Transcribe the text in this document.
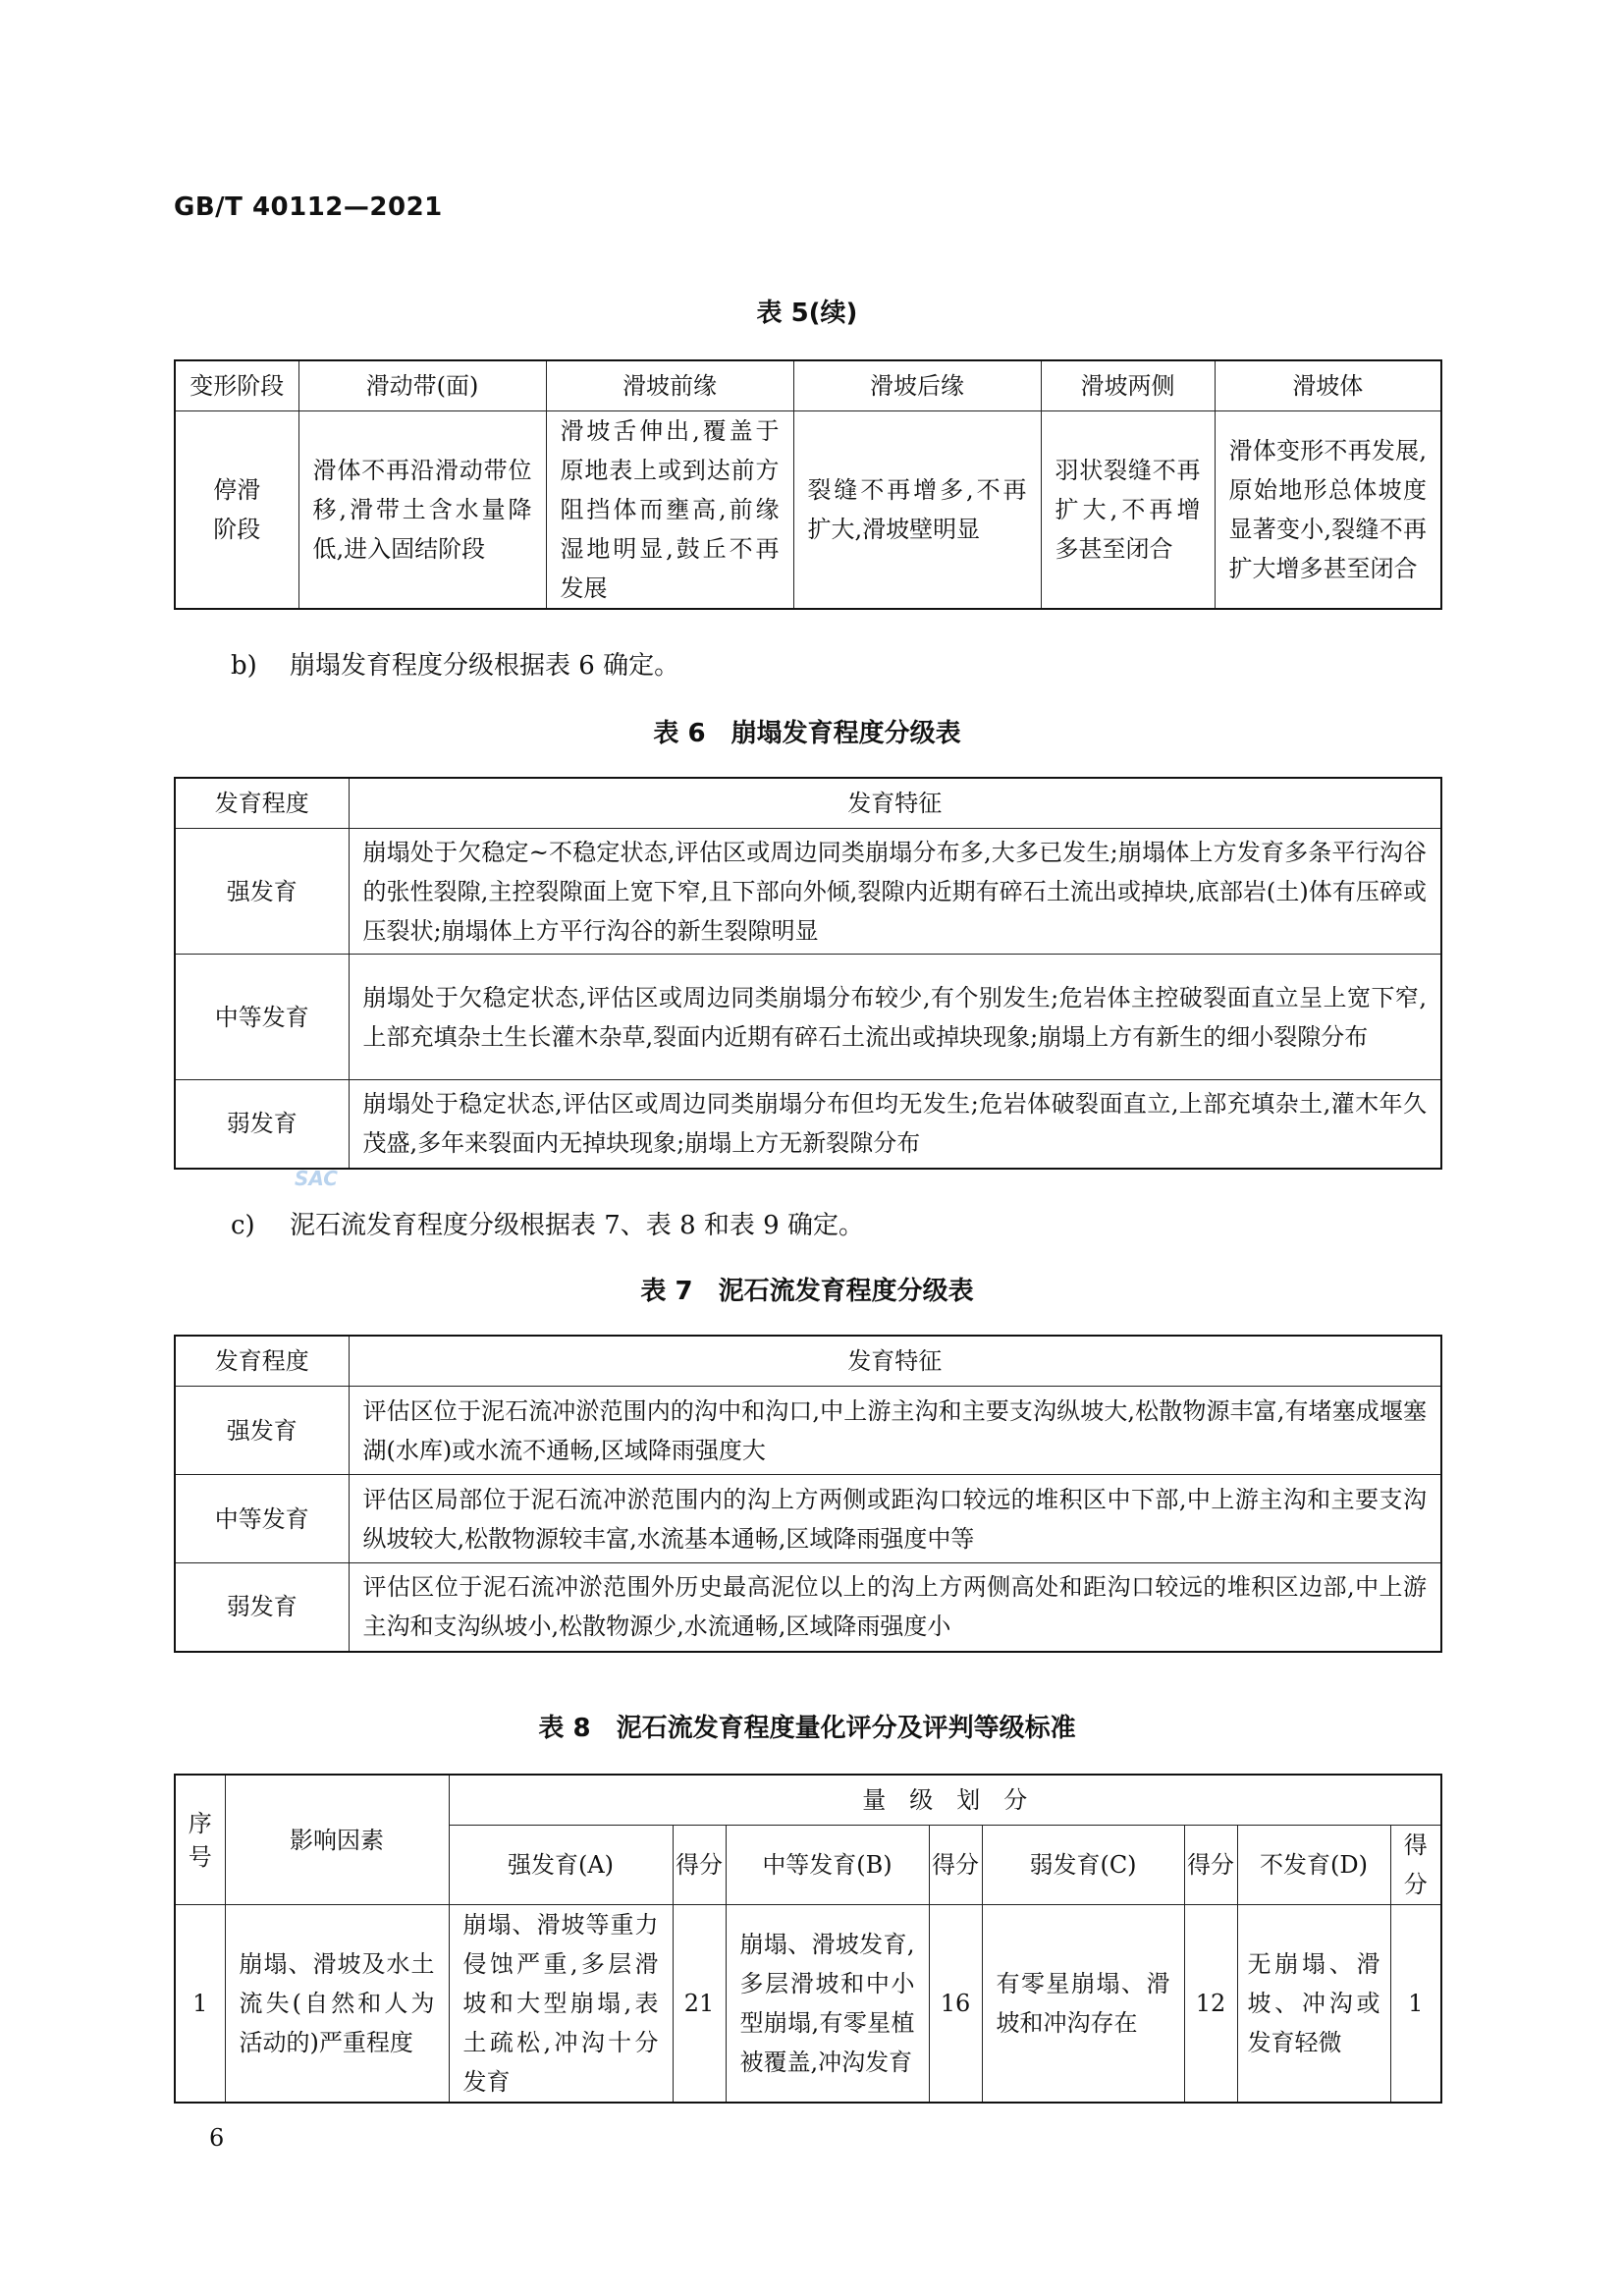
GB/T 40112—2021
表 5(续)
变形阶段	滑动带(面)	滑坡前缘	滑坡后缘	滑坡两侧	滑坡体
停滑阶段	滑体不再沿滑动带位移,滑带土含水量降低,进入固结阶段	滑坡舌伸出,覆盖于原地表上或到达前方阻挡体而壅高,前缘湿地明显,鼓丘不再发展	裂缝不再增多,不再扩大,滑坡壁明显	羽状裂缝不再扩大,不再增多甚至闭合	滑体变形不再发展,原始地形总体坡度显著变小,裂缝不再扩大增多甚至闭合
b) 崩塌发育程度分级根据表 6 确定。
表 6　崩塌发育程度分级表
发育程度	发育特征
强发育	崩塌处于欠稳定~不稳定状态,评估区或周边同类崩塌分布多,大多已发生;崩塌体上方发育多条平行沟谷的张性裂隙,主控裂隙面上宽下窄,且下部向外倾,裂隙内近期有碎石土流出或掉块,底部岩(土)体有压碎或压裂状;崩塌体上方平行沟谷的新生裂隙明显
中等发育	崩塌处于欠稳定状态,评估区或周边同类崩塌分布较少,有个别发生;危岩体主控破裂面直立呈上宽下窄,上部充填杂土生长灌木杂草,裂面内近期有碎石土流出或掉块现象;崩塌上方有新生的细小裂隙分布
弱发育	崩塌处于稳定状态,评估区或周边同类崩塌分布但均无发生;危岩体破裂面直立,上部充填杂土,灌木年久茂盛,多年来裂面内无掉块现象;崩塌上方无新裂隙分布
SAC
c) 泥石流发育程度分级根据表 7、表 8 和表 9 确定。
表 7　泥石流发育程度分级表
发育程度	发育特征
强发育	评估区位于泥石流冲淤范围内的沟中和沟口,中上游主沟和主要支沟纵坡大,松散物源丰富,有堵塞成堰塞湖(水库)或水流不通畅,区域降雨强度大
中等发育	评估区局部位于泥石流冲淤范围内的沟上方两侧或距沟口较远的堆积区中下部,中上游主沟和主要支沟纵坡较大,松散物源较丰富,水流基本通畅,区域降雨强度中等
弱发育	评估区位于泥石流冲淤范围外历史最高泥位以上的沟上方两侧高处和距沟口较远的堆积区边部,中上游主沟和支沟纵坡小,松散物源少,水流通畅,区域降雨强度小
表 8　泥石流发育程度量化评分及评判等级标准
序号	影响因素	量　级　划　分							
		强发育(A)	得分	中等发育(B)	得分	弱发育(C)	得分	不发育(D)	得分
1	崩塌、滑坡及水土流失(自然和人为活动的)严重程度	崩塌、滑坡等重力侵蚀严重,多层滑坡和大型崩塌,表土疏松,冲沟十分发育	21	崩塌、滑坡发育,多层滑坡和中小型崩塌,有零星植被覆盖,冲沟发育	16	有零星崩塌、滑坡和冲沟存在	12	无崩塌、滑坡、冲沟或发育轻微	1
6
